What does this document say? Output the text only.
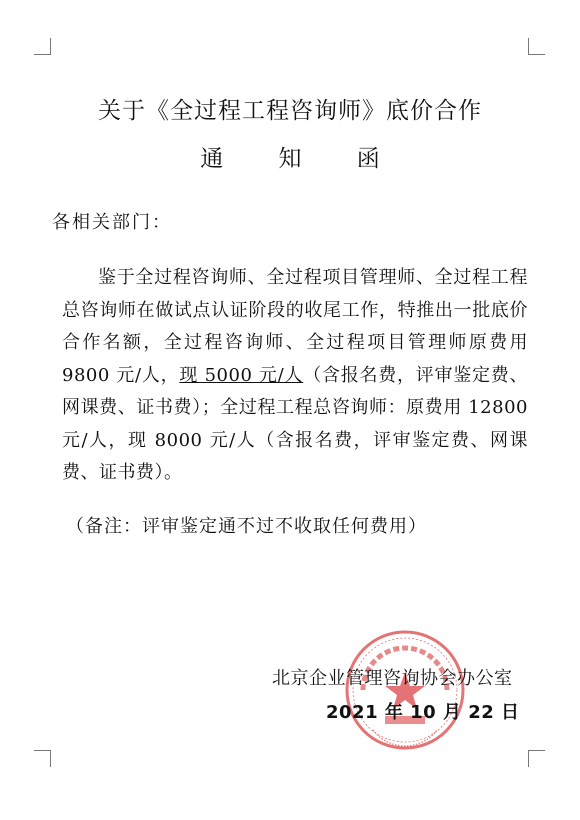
关于《全过程工程咨询师》底价合作
通 知 函
各相关部门：
鉴于全过程咨询师、全过程项目管理师、全过程工程总咨询师在做试点认证阶段的收尾工作，特推出一批底价合作名额，全过程咨询师、全过程项目管理师原费用 9800 元/人，现 5000 元/人（含报名费，评审鉴定费、网课费、证书费）；全过程工程总咨询师：原费用 12800 元/人，现 8000 元/人（含报名费，评审鉴定费、网课费、证书费）。
（备注：评审鉴定通不过不收取任何费用）
北京企业管理咨询协会办公室
2021 年 10 月 22 日
